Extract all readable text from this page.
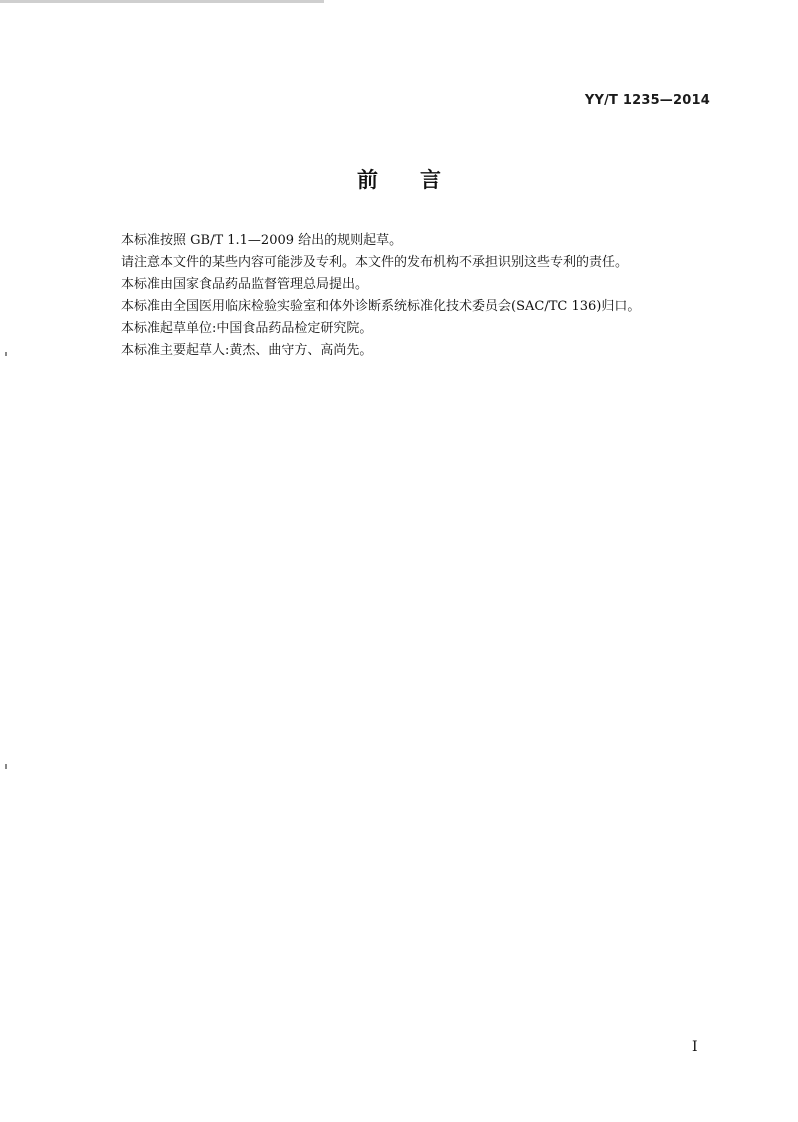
YY/T 1235—2014
前 言
本标准按照 GB/T 1.1—2009 给出的规则起草。
请注意本文件的某些内容可能涉及专利。本文件的发布机构不承担识别这些专利的责任。
本标准由国家食品药品监督管理总局提出。
本标准由全国医用临床检验实验室和体外诊断系统标准化技术委员会(SAC/TC 136)归口。
本标准起草单位:中国食品药品检定研究院。
本标准主要起草人:黄杰、曲守方、高尚先。
I
